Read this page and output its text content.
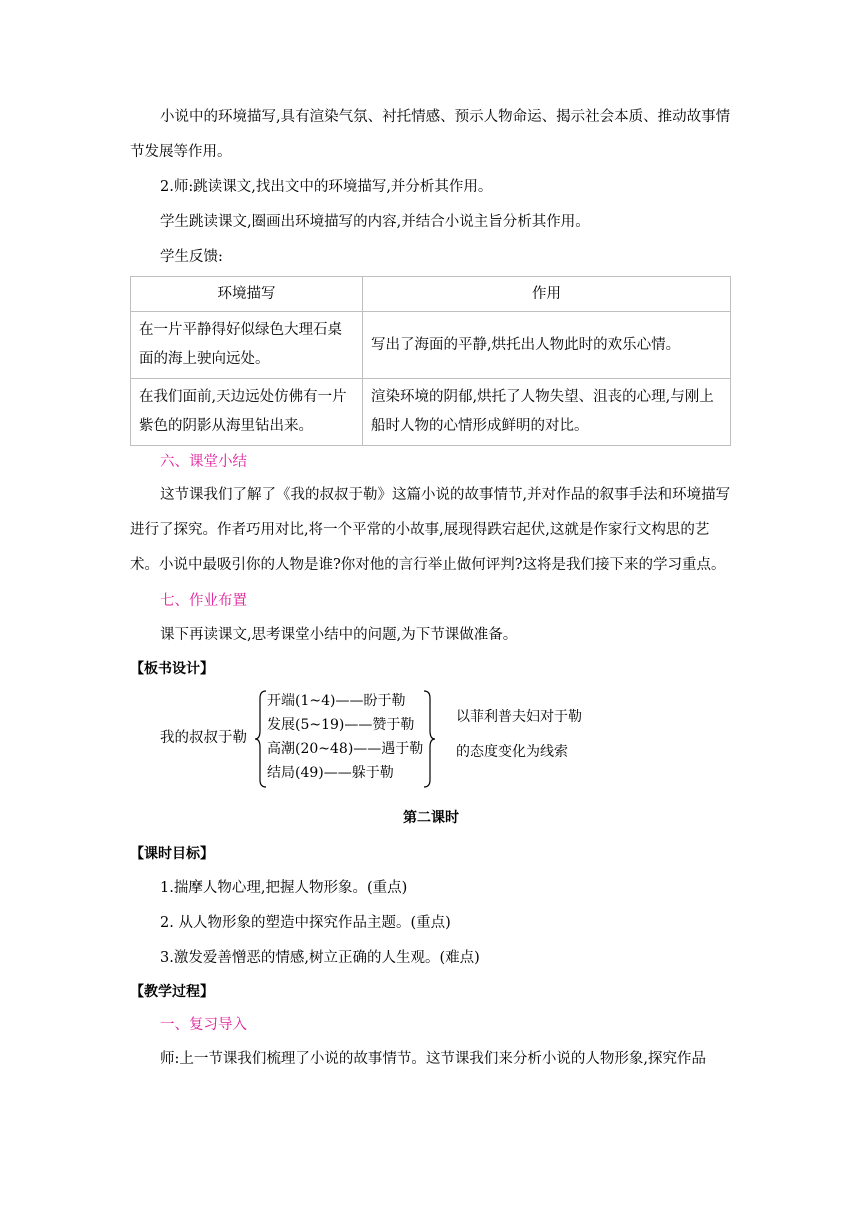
小说中的环境描写,具有渲染气氛、衬托情感、预示人物命运、揭示社会本质、推动故事情节发展等作用。

2.师:跳读课文,找出文中的环境描写,并分析其作用。

学生跳读课文,圈画出环境描写的内容,并结合小说主旨分析其作用。

学生反馈:

环境描写	作用
在一片平静得好似绿色大理石桌面的海上驶向远处。	写出了海面的平静,烘托出人物此时的欢乐心情。
在我们面前,天边远处仿佛有一片紫色的阴影从海里钻出来。	渲染环境的阴郁,烘托了人物失望、沮丧的心理,与刚上船时人物的心情形成鲜明的对比。

六、课堂小结

这节课我们了解了《我的叔叔于勒》这篇小说的故事情节,并对作品的叙事手法和环境描写进行了探究。作者巧用对比,将一个平常的小故事,展现得跌宕起伏,这就是作家行文构思的艺术。小说中最吸引你的人物是谁?你对他的言行举止做何评判?这将是我们接下来的学习重点。

七、作业布置

课下再读课文,思考课堂小结中的问题,为下节课做准备。

【板书设计】

我的叔叔于勒
开端(1~4)——盼于勒
发展(5~19)——赞于勒
高潮(20~48)——遇于勒
结局(49)——躲于勒
以菲利普夫妇对于勒
的态度变化为线索
第二课时

【课时目标】

1.揣摩人物心理,把握人物形象。(重点)

2. 从人物形象的塑造中探究作品主题。(重点)

3.激发爱善憎恶的情感,树立正确的人生观。(难点)

【教学过程】

一、复习导入

师:上一节课我们梳理了小说的故事情节。这节课我们来分析小说的人物形象,探究作品
